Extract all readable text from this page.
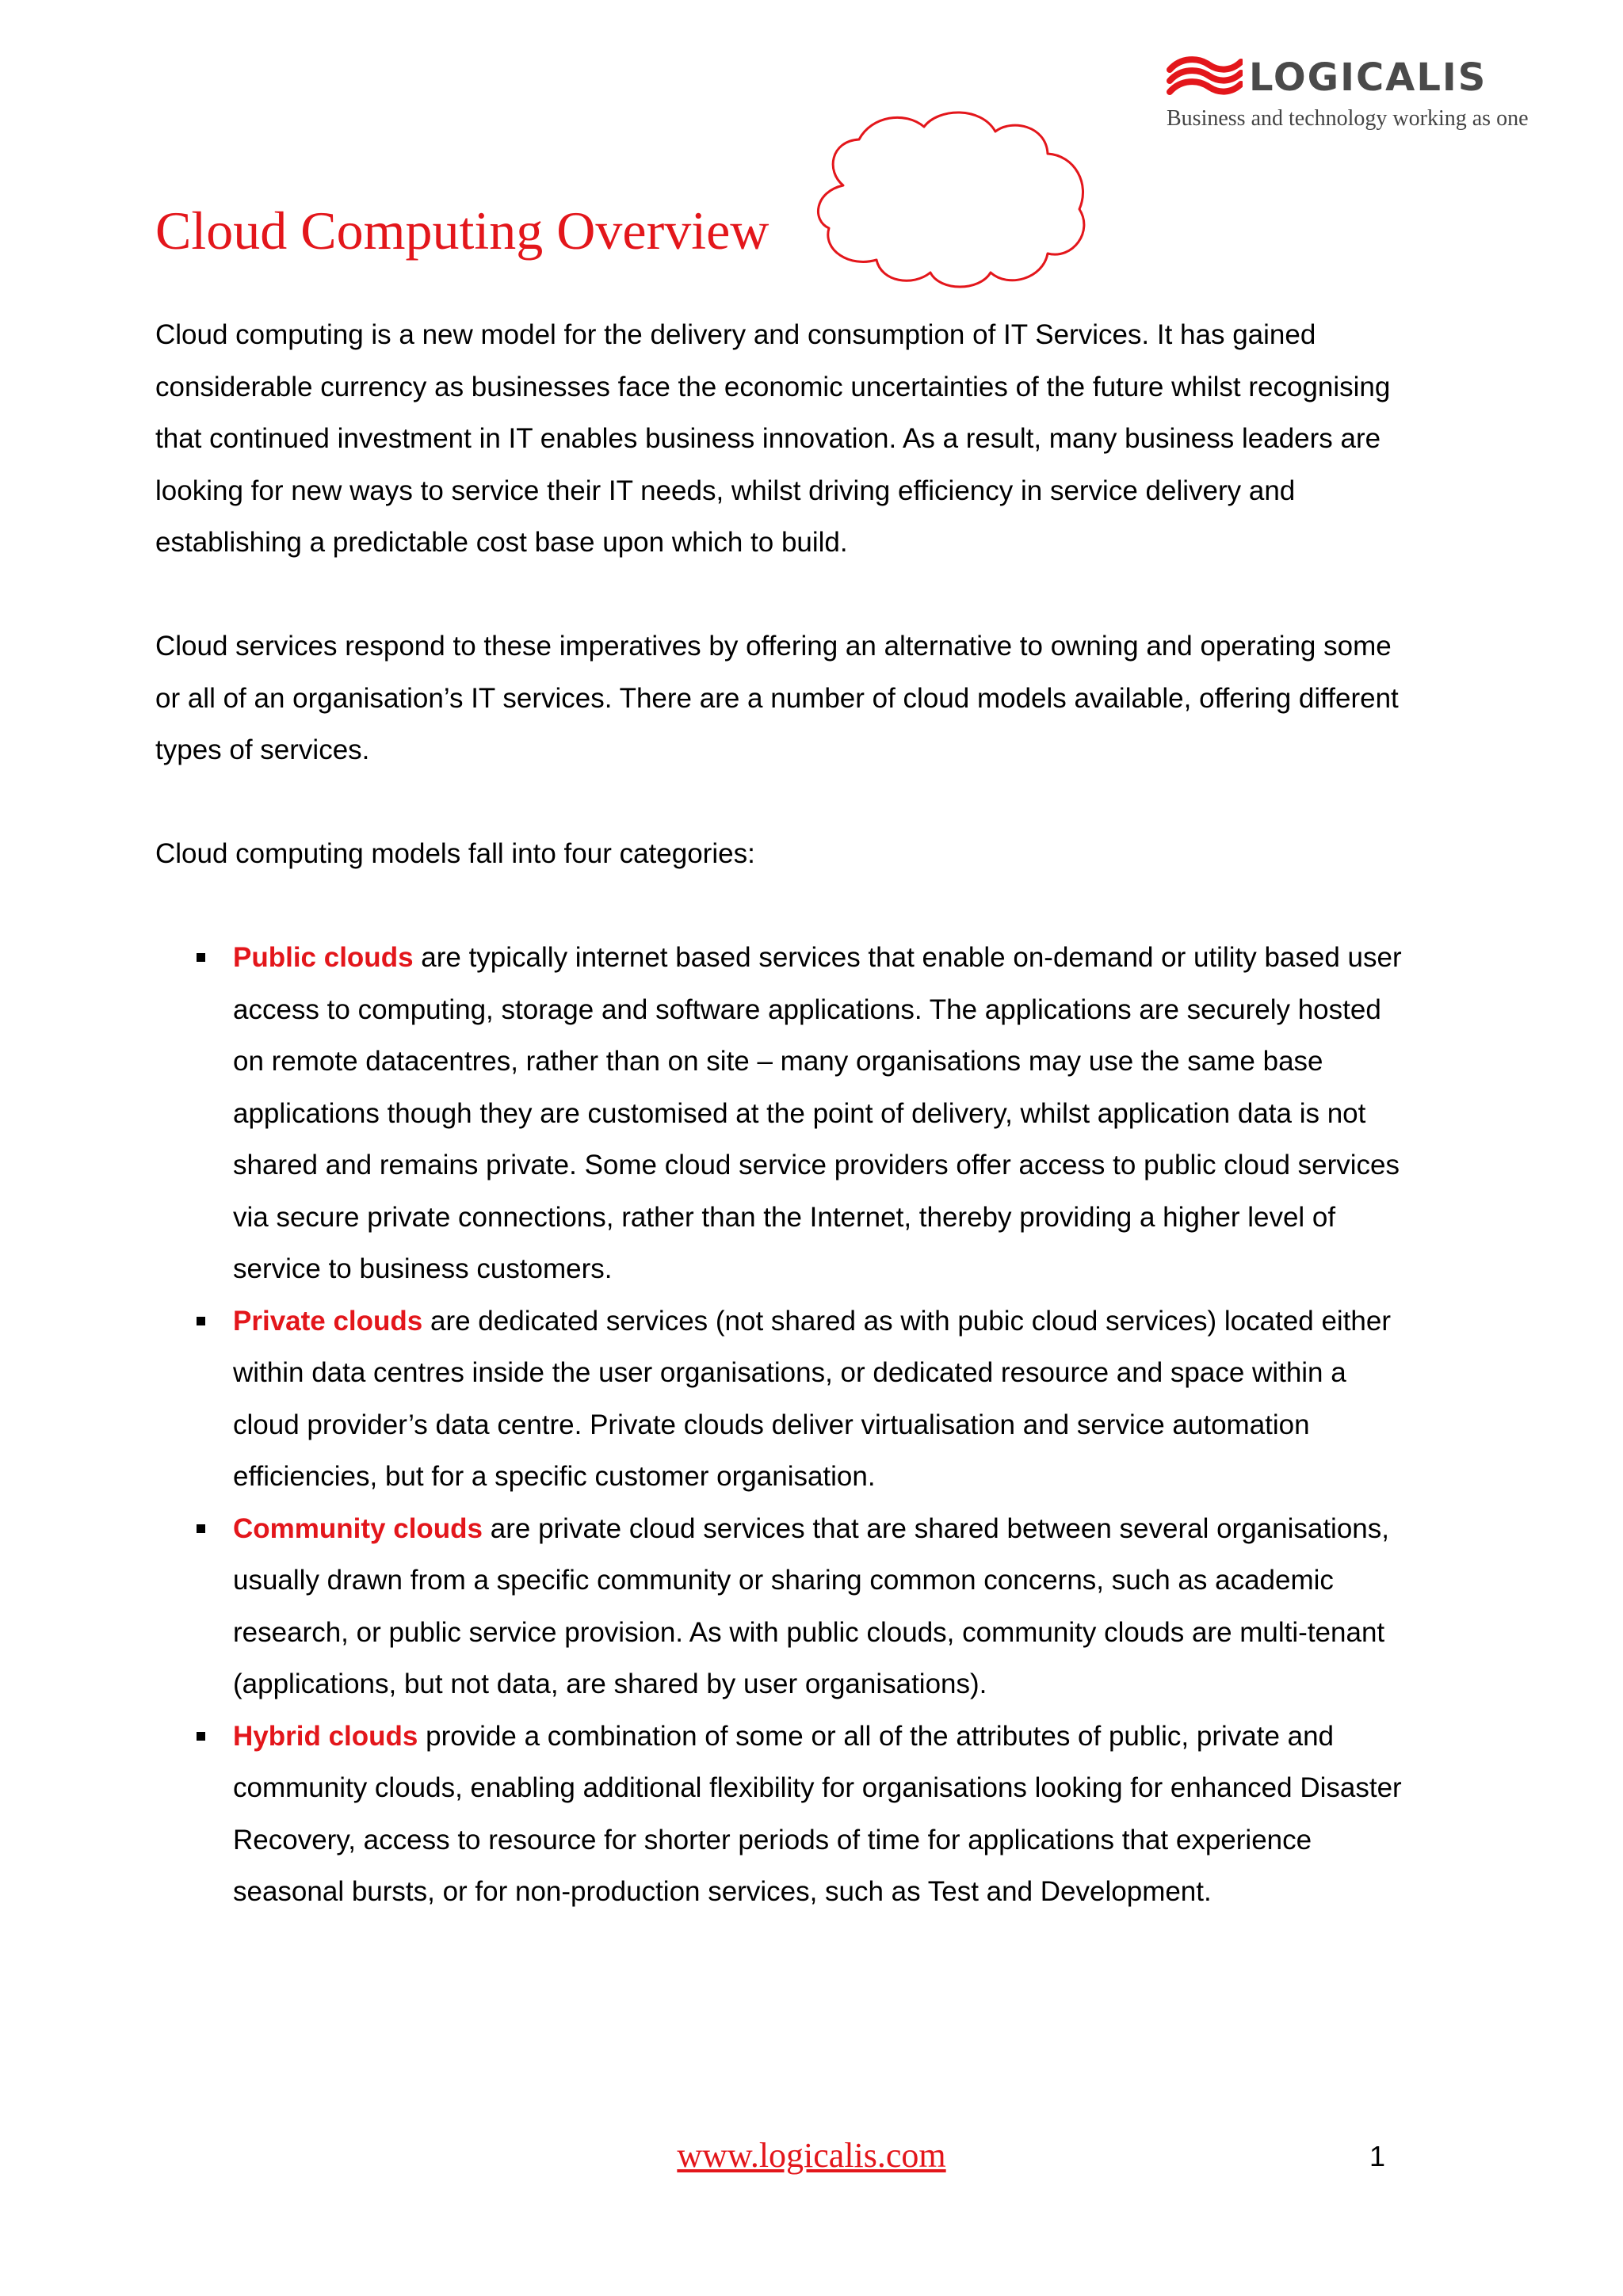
LOGICALIS
Business and technology working as one
Cloud Computing Overview

Cloud computing is a new model for the delivery and consumption of IT Services. It has gained considerable currency as businesses face the economic uncertainties of the future whilst recognising that continued investment in IT enables business innovation. As a result, many business leaders are looking for new ways to service their IT needs, whilst driving efficiency in service delivery and establishing a predictable cost base upon which to build.

Cloud services respond to these imperatives by offering an alternative to owning and operating some or all of an organisation’s IT services. There are a number of cloud models available, offering different types of services.

Cloud computing models fall into four categories:

Public clouds are typically internet based services that enable on-demand or utility based user access to computing, storage and software applications. The applications are securely hosted on remote datacentres, rather than on site – many organisations may use the same base applications though they are customised at the point of delivery, whilst application data is not shared and remains private. Some cloud service providers offer access to public cloud services via secure private connections, rather than the Internet, thereby providing a higher level of service to business customers.
Private clouds are dedicated services (not shared as with pubic cloud services) located either within data centres inside the user organisations, or dedicated resource and space within a cloud provider’s data centre. Private clouds deliver virtualisation and service automation efficiencies, but for a specific customer organisation.
Community clouds are private cloud services that are shared between several organisations, usually drawn from a specific community or sharing common concerns, such as academic research, or public service provision. As with public clouds, community clouds are multi-tenant (applications, but not data, are shared by user organisations).
Hybrid clouds provide a combination of some or all of the attributes of public, private and community clouds, enabling additional flexibility for organisations looking for enhanced Disaster Recovery, access to resource for shorter periods of time for applications that experience seasonal bursts, or for non-production services, such as Test and Development.
www.logicalis.com	1
